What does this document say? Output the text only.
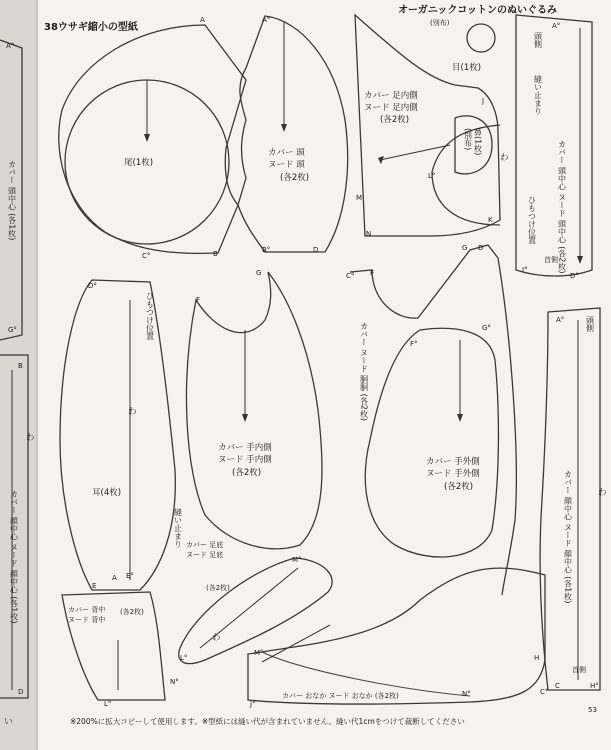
A°
G°
B
D
カバー 頭中心 (各1枚)
カバー 顔中心 ヌード 顔中心 (各1枚)
わ
38ウサギ縮小の型紙
オーガニックコットンのぬいぐるみ
尾(1枚)
A
C°	B
A°
B°	D
カバー 頭
ヌード 頭
(各2枚)
カバー 足内側
ヌード 足内側
(各2枚)
J
L°
M
N
K
わ
(別布)
目(1枚)
(別布) 鼻(1枚)
頭側
縫い止まり
カバー 頭中心 ヌード 頭中心 (各2枚)
ひもつけ位置
首側
A°
I°
D°
D°
E
A E°
耳(4枚)
ひもつけ位置
わ
縫い止まり
F
G
カバー 手内側
ヌード 手内側
(各2枚)
C° F
F°
G°
G D
カバー ヌード 胴胴 (各2枚)
カバー 手外側
ヌード 手外側
(各2枚)
頭側
カバー 顔中心 ヌード 顔中心 (各1枚)
首側
わ
A°
C	H°
M°
L°
N°
カバー 足底
ヌード 足底
(各2枚)
わ
カバー 背中
ヌード 背中
(各2枚)
L°
M°
J°
H
N°	C°
カバー おなか ヌード おなか (各2枚)
※200%に拡大コピーして使用します。※型紙には縫い代が含まれていません。縫い代1cmをつけて裁断してください
53
い
